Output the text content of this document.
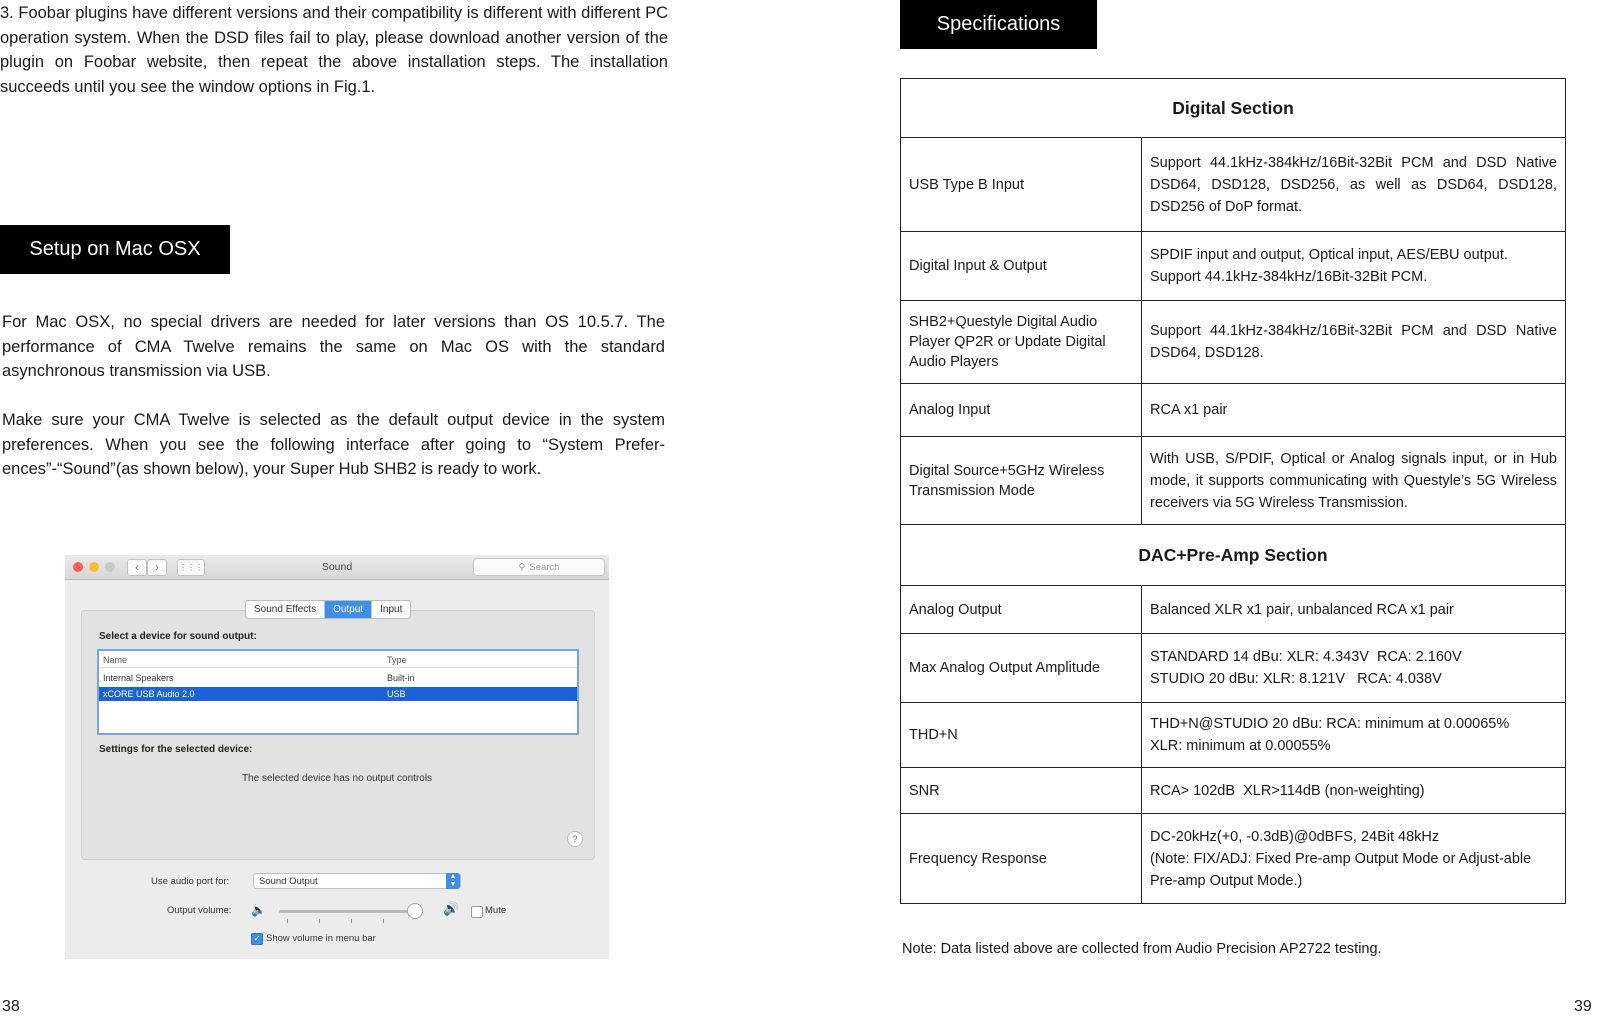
3. Foobar plugins have different versions and their compatibility is different with different PC operation system. When the DSD files fail to play, please download another version of the plugin on Foobar website, then repeat the above installation steps. The installation succeeds until you see the window options in Fig.1.

Setup on Mac OSX

For Mac OSX, no special drivers are needed for later versions than OS 10.5.7. The performance of CMA Twelve remains the same on Mac OS with the standard asynchronous transmission via USB.

Make sure your CMA Twelve is selected as the default output device in the system preferences. When you see the following interface after going to “System Prefer-ences”-“Sound”(as shown below), your Super Hub SHB2 is ready to work.

‹	›	⋮⋮⋮	Sound	⚲ Search
Sound Effects	Output	Input
Select a device for sound output:
Name	Type
Internal Speakers	Built-in
xCORE USB Audio 2.0	USB
Settings for the selected device:
The selected device has no output controls
?
Use audio port for:	Sound Output	▲
▼
Output volume: 🔈	🔊	Mute
✓ Show volume in menu bar
38
Specifications
Digital Section	
USB Type B Input	Support 44.1kHz-384kHz/16Bit-32Bit PCM and DSD Native DSD64, DSD128, DSD256, as well as DSD64, DSD128, DSD256 of DoP format.
Digital Input & Output	SPDIF input and output, Optical input, AES/EBU output. Support 44.1kHz-384kHz/16Bit-32Bit PCM.
SHB2+Questyle Digital Audio Player QP2R or Update Digital Audio Players	Support 44.1kHz-384kHz/16Bit-32Bit PCM and DSD Native DSD64, DSD128.
Analog Input	RCA x1 pair
Digital Source+5GHz Wireless Transmission Mode	With USB, S/PDIF, Optical or Analog signals input, or in Hub mode, it supports communicating with Questyle’s 5G Wireless receivers via 5G Wireless Transmission.
DAC+Pre-Amp Section	
Analog Output	Balanced XLR x1 pair, unbalanced RCA x1 pair
Max Analog Output Amplitude	STANDARD 14 dBu: XLR: 4.343V  RCA: 2.160V
STUDIO 20 dBu: XLR: 8.121V   RCA: 4.038V

THD+N	THD+N@STUDIO 20 dBu: RCA: minimum at 0.00065%
XLR: minimum at 0.00055%

SNR	RCA> 102dB  XLR>114dB (non-weighting)
Frequency Response	DC-20kHz(+0, -0.3dB)@0dBFS, 24Bit 48kHz
(Note: FIX/ADJ: Fixed Pre-amp Output Mode or Adjust-able Pre-amp Output Mode.)
Note: Data listed above are collected from Audio Precision AP2722 testing.
39
